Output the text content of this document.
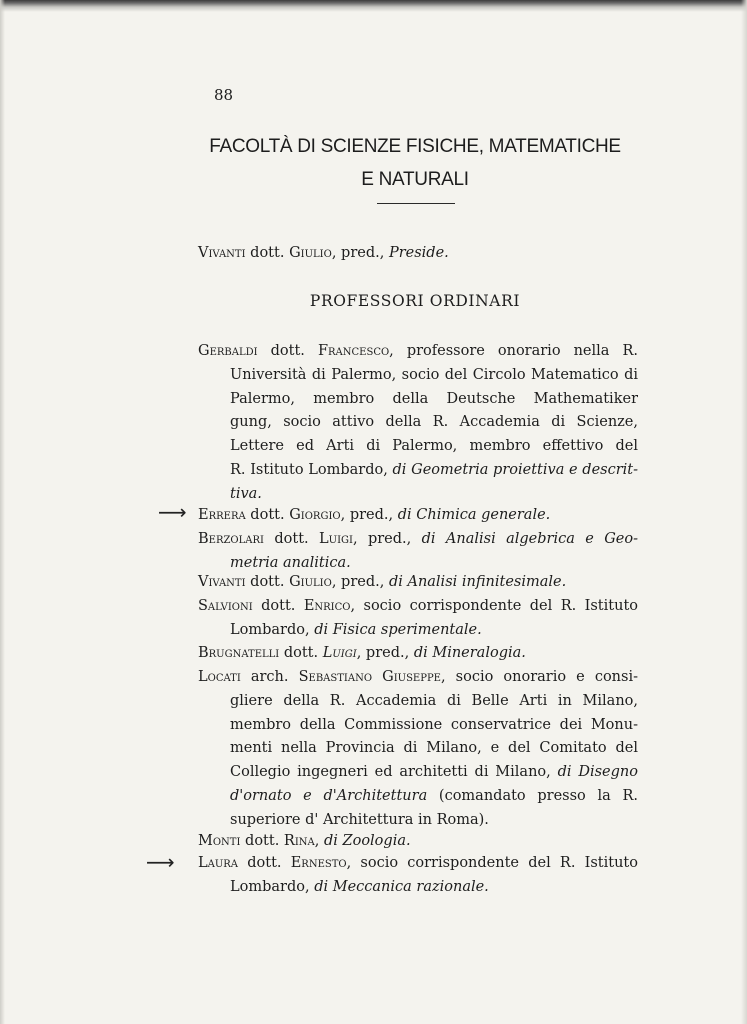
88
FACOLTÀ DI SCIENZE FISICHE, MATEMATICHE
E NATURALI
Vivanti dott. Giulio, pred., Preside.
PROFESSORI ORDINARI
Gerbaldi dott. Francesco, professore onorario nella R.
Università di Palermo, socio del Circolo Matematico di
Palermo, membro della Deutsche Mathematiker
gung, socio attivo della R. Accademia di Scienze,
Lettere ed Arti di Palermo, membro effettivo del
R. Istituto Lombardo, di Geometria proiettiva e descrit-
tiva.
⟶ Errera dott. Giorgio, pred., di Chimica generale.
Berzolari dott. Luigi, pred., di Analisi algebrica e Geo-
metria analitica.
Vivanti dott. Giulio, pred., di Analisi infinitesimale.
Salvioni dott. Enrico, socio corrispondente del R. Istituto
Lombardo, di Fisica sperimentale.
Brugnatelli dott. Luigi, pred., di Mineralogia.
Locati arch. Sebastiano Giuseppe, socio onorario e consi-
gliere della R. Accademia di Belle Arti in Milano,
membro della Commissione conservatrice dei Monu-
menti nella Provincia di Milano, e del Comitato del
Collegio ingegneri ed architetti di Milano, di Disegno
d'ornato e d'Architettura (comandato presso la R.
superiore d' Architettura in Roma).
Monti dott. Rina, di Zoologia.
⟶ Laura dott. Ernesto, socio corrispondente del R. Istituto
Lombardo, di Meccanica razionale.
